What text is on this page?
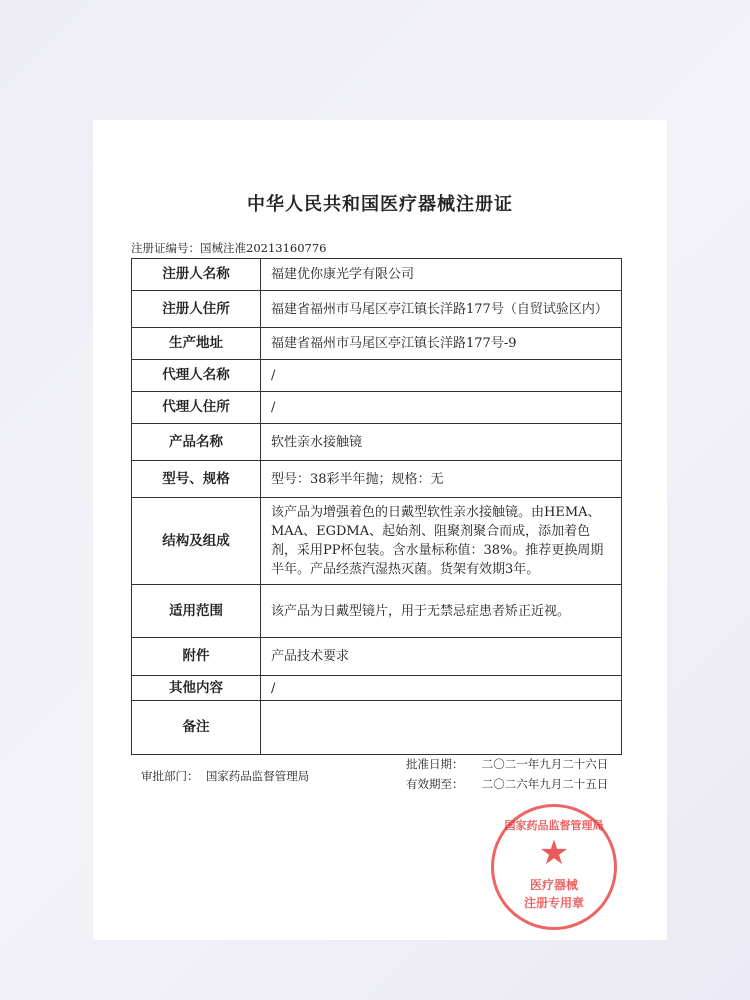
中华人民共和国医疗器械注册证
注册证编号：国械注准20213160776
注册人名称	福建优你康光学有限公司
注册人住所	福建省福州市马尾区亭江镇长洋路177号（自贸试验区内）
生产地址	福建省福州市马尾区亭江镇长洋路177号-9
代理人名称	/
代理人住所	/
产品名称	软性亲水接触镜
型号、规格	型号：38彩半年抛；规格：无
结构及组成	该产品为增强着色的日戴型软性亲水接触镜。由HEMA、MAA、EGDMA、起始剂、阻聚剂聚合而成，添加着色剂，采用PP杯包装。含水量标称值：38%。推荐更换周期半年。产品经蒸汽湿热灭菌。货架有效期3年。
适用范围	该产品为日戴型镜片，用于无禁忌症患者矫正近视。
附件	产品技术要求
其他内容	/
备注	
审批部门： 国家药品监督管理局
批准日期： 二〇二一年九月二十六日
有效期至： 二〇二六年九月二十五日
国家药品监督管理局
★
医疗器械
注册专用章
